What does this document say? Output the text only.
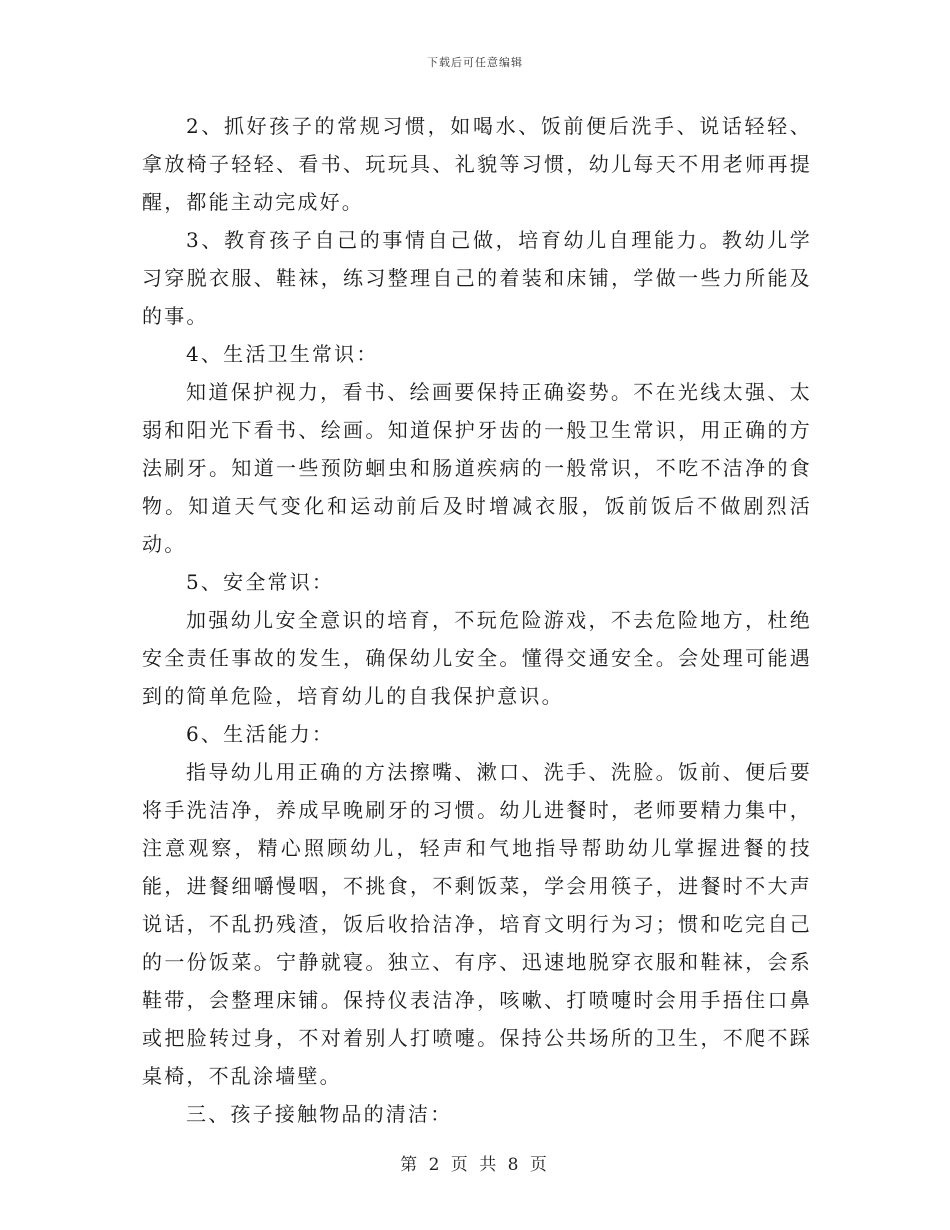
下载后可任意编辑

2、抓好孩子的常规习惯，如喝水、饭前便后洗手、说话轻轻、拿放椅子轻轻、看书、玩玩具、礼貌等习惯，幼儿每天不用老师再提醒，都能主动完成好。

3、教育孩子自己的事情自己做，培育幼儿自理能力。教幼儿学习穿脱衣服、鞋袜，练习整理自己的着装和床铺，学做一些力所能及的事。

4、生活卫生常识：

知道保护视力，看书、绘画要保持正确姿势。不在光线太强、太弱和阳光下看书、绘画。知道保护牙齿的一般卫生常识，用正确的方法刷牙。知道一些预防蛔虫和肠道疾病的一般常识，不吃不洁净的食物。知道天气变化和运动前后及时增减衣服，饭前饭后不做剧烈活动。

5、安全常识：

加强幼儿安全意识的培育，不玩危险游戏，不去危险地方，杜绝安全责任事故的发生，确保幼儿安全。懂得交通安全。会处理可能遇到的简单危险，培育幼儿的自我保护意识。

6、生活能力：

指导幼儿用正确的方法擦嘴、漱口、洗手、洗脸。饭前、便后要将手洗洁净，养成早晚刷牙的习惯。幼儿进餐时，老师要精力集中，注意观察，精心照顾幼儿，轻声和气地指导帮助幼儿掌握进餐的技能，进餐细嚼慢咽，不挑食，不剩饭菜，学会用筷子，进餐时不大声说话，不乱扔残渣，饭后收拾洁净，培育文明行为习；惯和吃完自己的一份饭菜。宁静就寝。独立、有序、迅速地脱穿衣服和鞋袜，会系鞋带，会整理床铺。保持仪表洁净，咳嗽、打喷嚏时会用手捂住口鼻或把脸转过身，不对着别人打喷嚏。保持公共场所的卫生，不爬不踩桌椅，不乱涂墙壁。

三、孩子接触物品的清洁：

第 2 页 共 8 页
